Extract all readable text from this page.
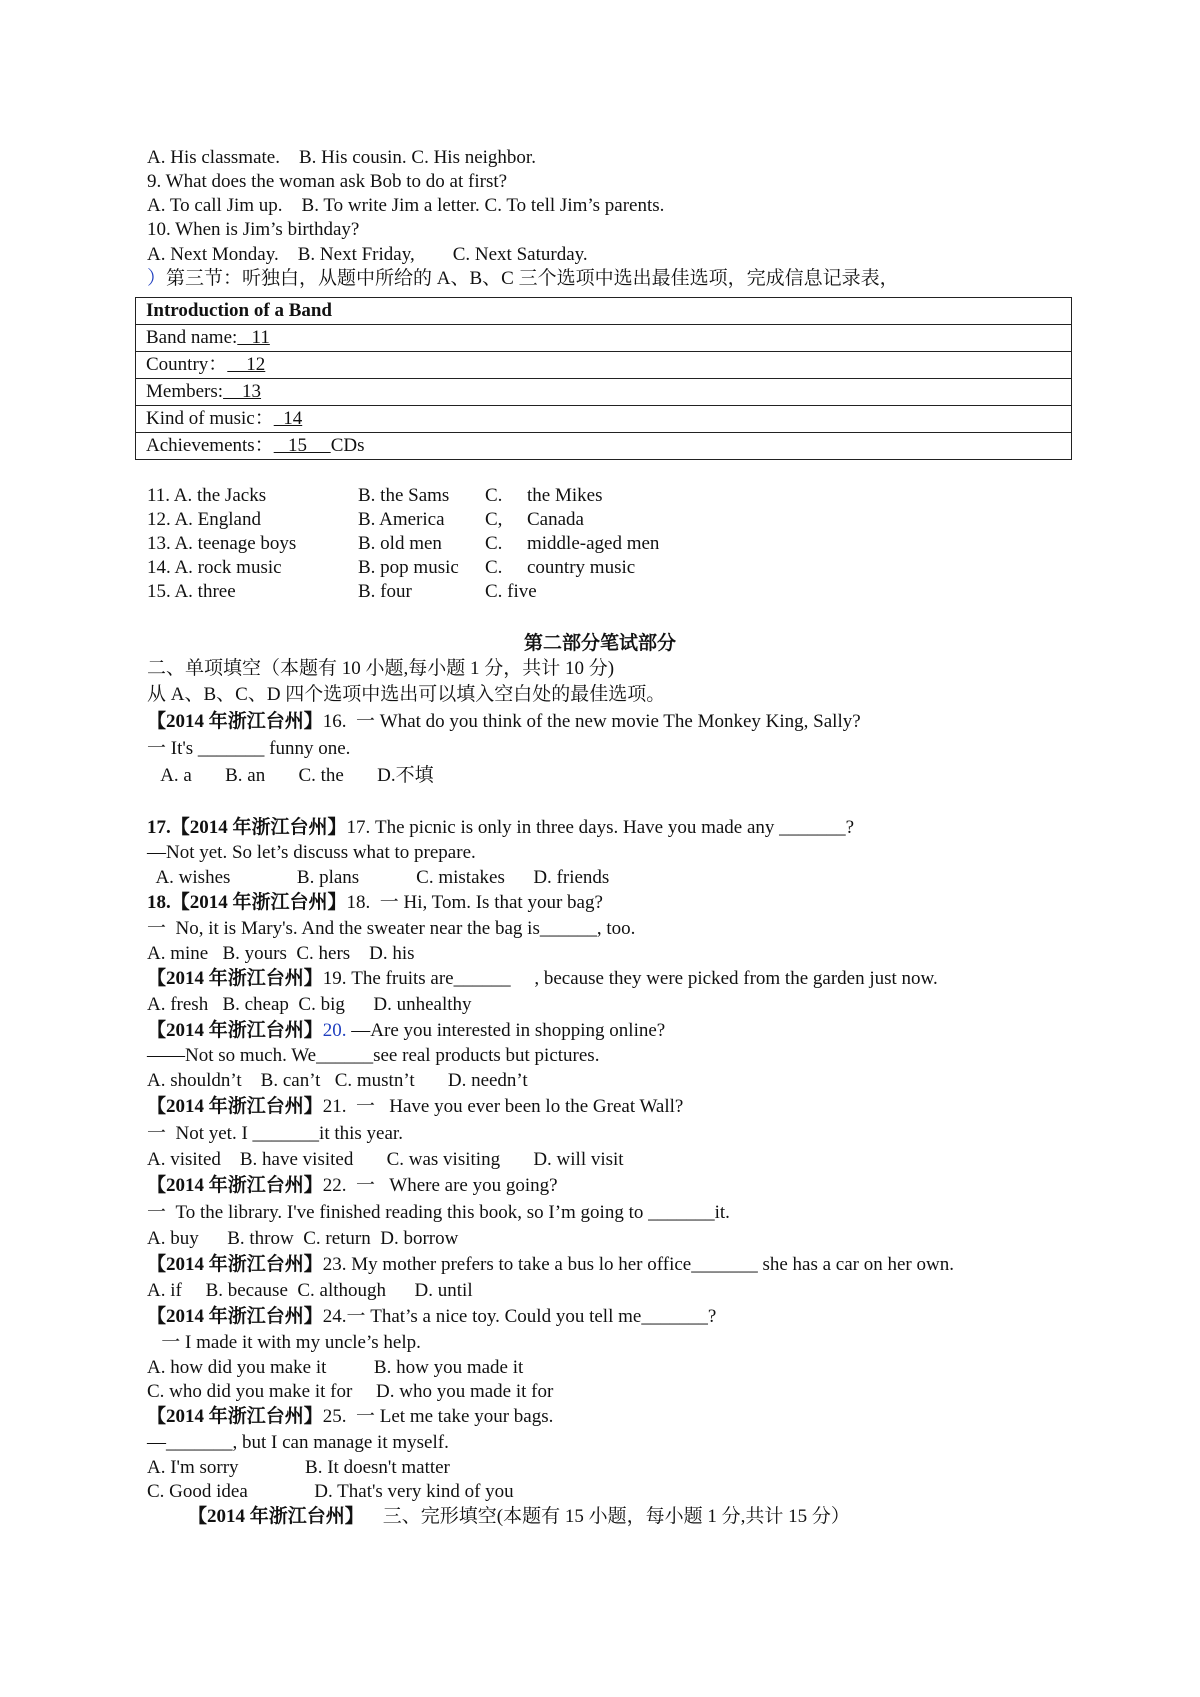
A. His classmate.    B. His cousin. C. His neighbor.
9. What does the woman ask Bob to do at first?
A. To call Jim up.    B. To write Jim a letter. C. To tell Jim’s parents.
10. When is Jim’s birthday?
A. Next Monday.    B. Next Friday,        C. Next Saturday.
）第三节：听独白，从题中所给的 A、B、C 三个选项中选出最佳选项，完成信息记录表，
Introduction of a Band
Band name:   11
Country：    12
Members:    13
Kind of music：  14
Achievements：   15     CDs
11. A. the Jacks	B. the Sams C. the Mikes
12. A. England	B. America C, Canada
13. A. teenage boys	B. old men C. middle-aged men
14. A. rock music	B. pop music C. country music
15. A. three	B. four	C. five
第二部分笔试部分
二、单项填空（本题有 10 小题,每小题 1 分，共计 10 分)
从 A、B、C、D 四个选项中选出可以填入空白处的最佳选项。
【2014 年浙江台州】16.  一 What do you think of the new movie The Monkey King, Sally?
一 It's _______ funny one.
A. a       B. an       C. the       D.不填
17.【2014 年浙江台州】17. The picnic is only in three days. Have you made any _______?
—Not yet. So let’s discuss what to prepare.
A. wishes              B. plans            C. mistakes      D. friends
18.【2014 年浙江台州】18.  一 Hi, Tom. Is that your bag?
一  No, it is Mary's. And the sweater near the bag is______, too.
A. mine   B. yours  C. hers    D. his
【2014 年浙江台州】19. The fruits are______     , because they were picked from the garden just now.
A. fresh   B. cheap  C. big      D. unhealthy
【2014 年浙江台州】20. —Are you interested in shopping online?
——Not so much. We______see real products but pictures.
A. shouldn’t    B. can’t   C. mustn’t       D. needn’t
【2014 年浙江台州】21.  一   Have you ever been lo the Great Wall?
一  Not yet. I _______it this year.
A. visited    B. have visited       C. was visiting       D. will visit
【2014 年浙江台州】22.  一   Where are you going?
一  To the library. I've finished reading this book, so I’m going to _______it.
A. buy      B. throw  C. return  D. borrow
【2014 年浙江台州】23. My mother prefers to take a bus lo her office_______ she has a car on her own.
A. if     B. because  C. although      D. until
【2014 年浙江台州】24.一 That’s a nice toy. Could you tell me_______?
一 I made it with my uncle’s help.
A. how did you make it          B. how you made it
C. who did you make it for     D. who you made it for
【2014 年浙江台州】25.  一 Let me take your bags.
—_______, but I can manage it myself.
A. I'm sorry              B. It doesn't matter
C. Good idea              D. That's very kind of you
【2014 年浙江台州】    三、完形填空(本题有 15 小题，每小题 1 分,共计 15 分）
